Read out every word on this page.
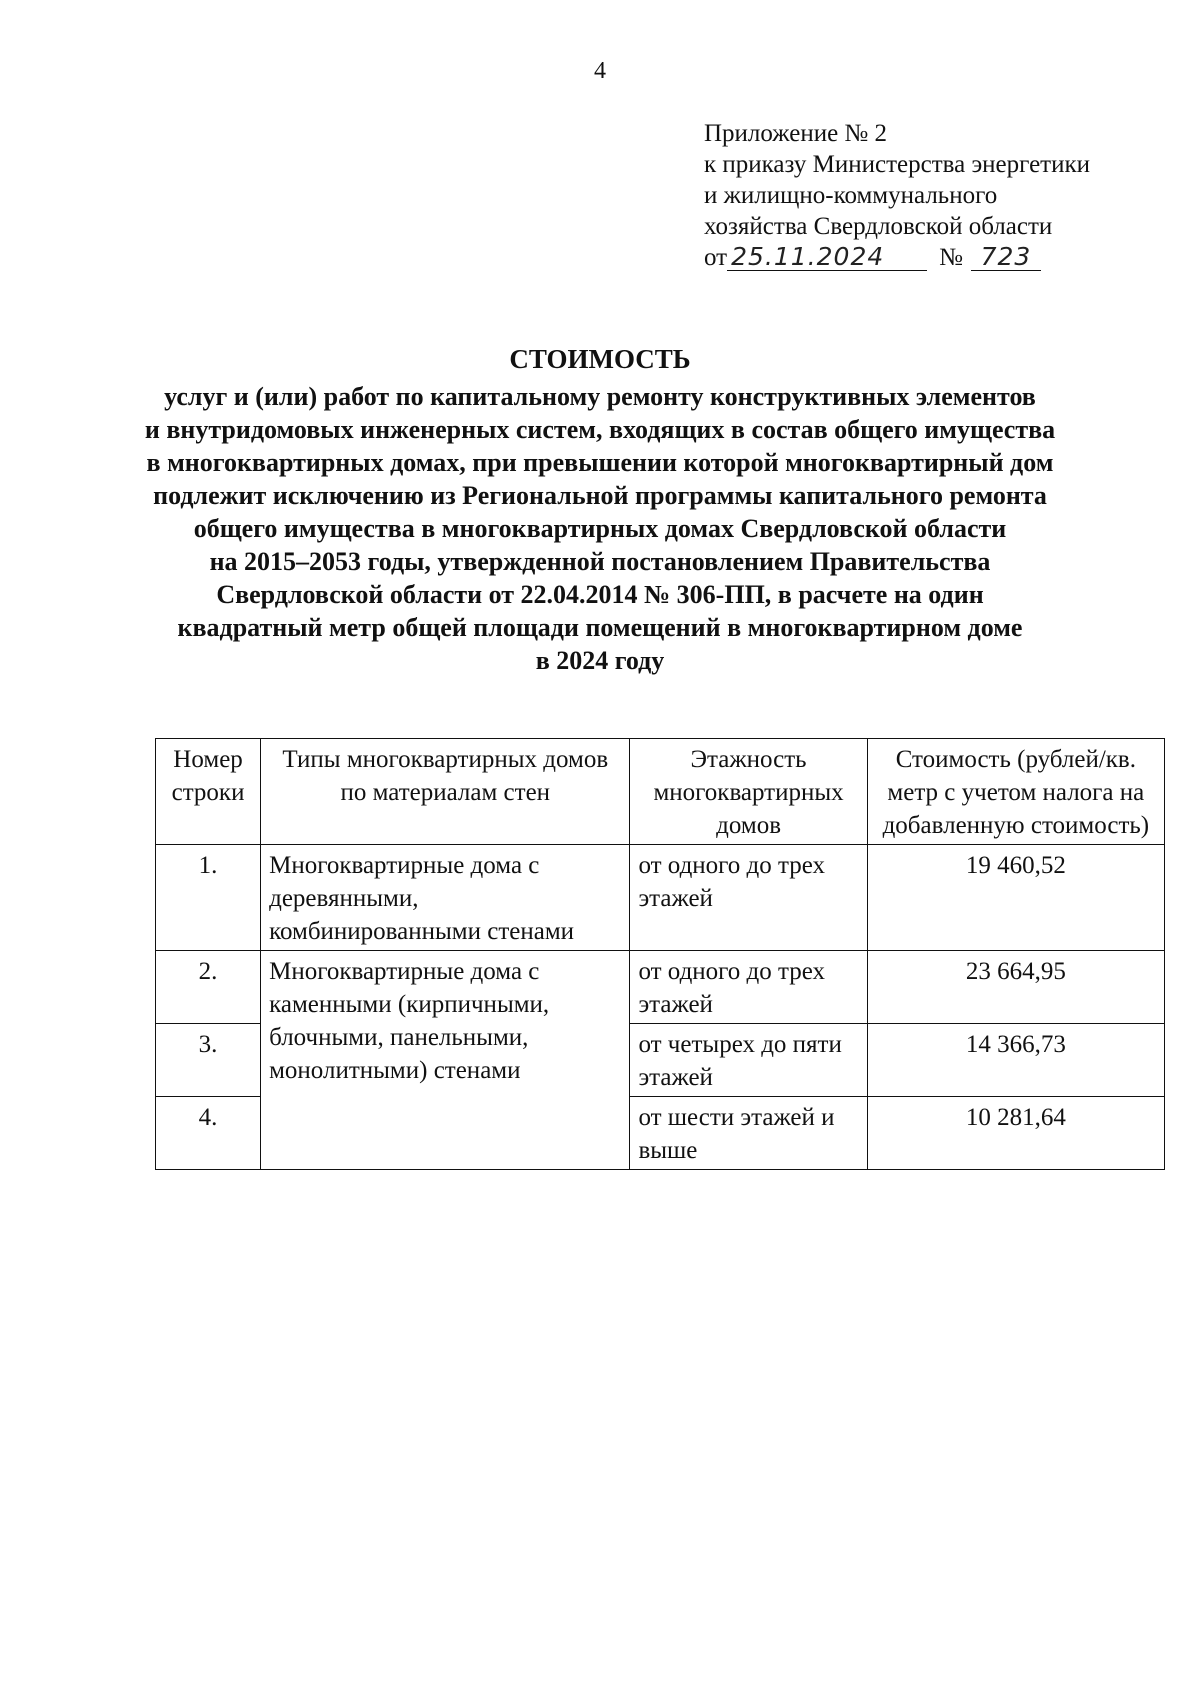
4
Приложение № 2
к приказу Министерства энергетики
и жилищно-коммунального
хозяйства Свердловской области
от 25.11.2024 № 723
СТОИМОСТЬ
услуг и (или) работ по капитальному ремонту конструктивных элементов
и внутридомовых инженерных систем, входящих в состав общего имущества
в многоквартирных домах, при превышении которой многоквартирный дом
подлежит исключению из Региональной программы капитального ремонта
общего имущества в многоквартирных домах Свердловской области
на 2015–2053 годы, утвержденной постановлением Правительства
Свердловской области от 22.04.2014 № 306-ПП, в расчете на один
квадратный метр общей площади помещений в многоквартирном доме
в 2024 году
Номер строки	Типы многоквартирных домов по материалам стен	Этажность многоквартирных домов	Стоимость (рублей/кв. метр с учетом налога на добавленную стоимость)
1.	Многоквартирные дома с деревянными, комбинированными стенами	от одного до трех этажей	19 460,52
2.	Многоквартирные дома с каменными (кирпичными, блочными, панельными, монолитными) стенами	от одного до трех этажей	23 664,95
3.		от четырех до пяти этажей	14 366,73
4.		от шести этажей и выше	10 281,64
